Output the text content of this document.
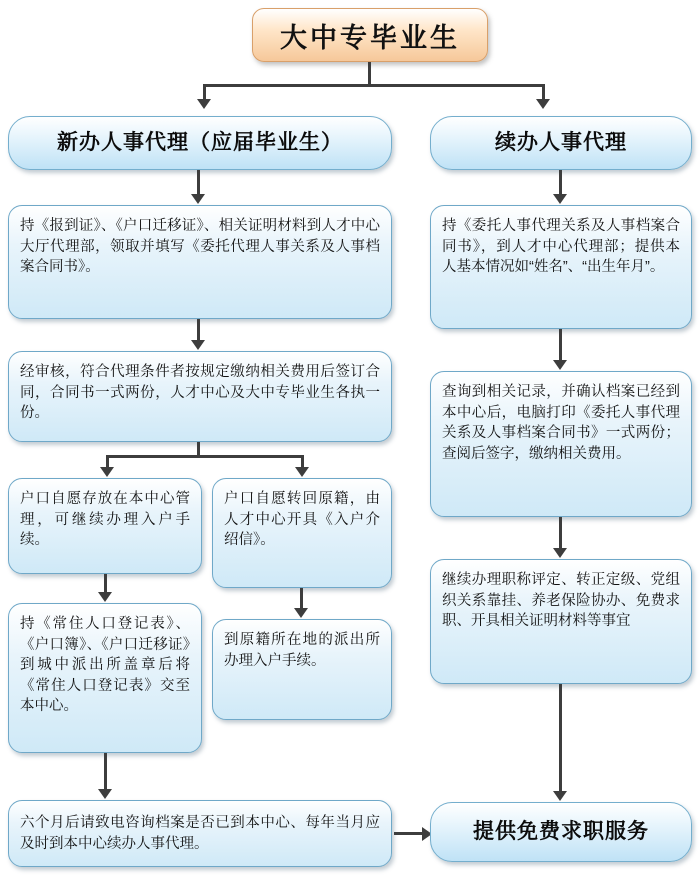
大中专毕业生
新办人事代理（应届毕业生）
持《报到证》、《户口迁移证》、相关证明材料到人才中心大厅代理部，领取并填写《委托代理人事关系及人事档案合同书》。
经审核，符合代理条件者按规定缴纳相关费用后签订合同，合同书一式两份，人才中心及大中专毕业生各执一份。
户口自愿存放在本中心管理，可继续办理入户手续。
持《常住人口登记表》、《户口簿》、《户口迁移证》到城中派出所盖章后将《常住人口登记表》交至本中心。
户口自愿转回原籍，由人才中心开具《入户介绍信》。
到原籍所在地的派出所办理入户手续。
六个月后请致电咨询档案是否已到本中心、每年当月应及时到本中心续办人事代理。
续办人事代理
持《委托人事代理关系及人事档案合同书》，到人才中心代理部；提供本人基本情况如“姓名”、“出生年月”。
查询到相关记录，并确认档案已经到本中心后，电脑打印《委托人事代理关系及人事档案合同书》一式两份；查阅后签字，缴纳相关费用。
继续办理职称评定、转正定级、党组织关系靠挂、养老保险协办、免费求职、开具相关证明材料等事宜
提供免费求职服务
